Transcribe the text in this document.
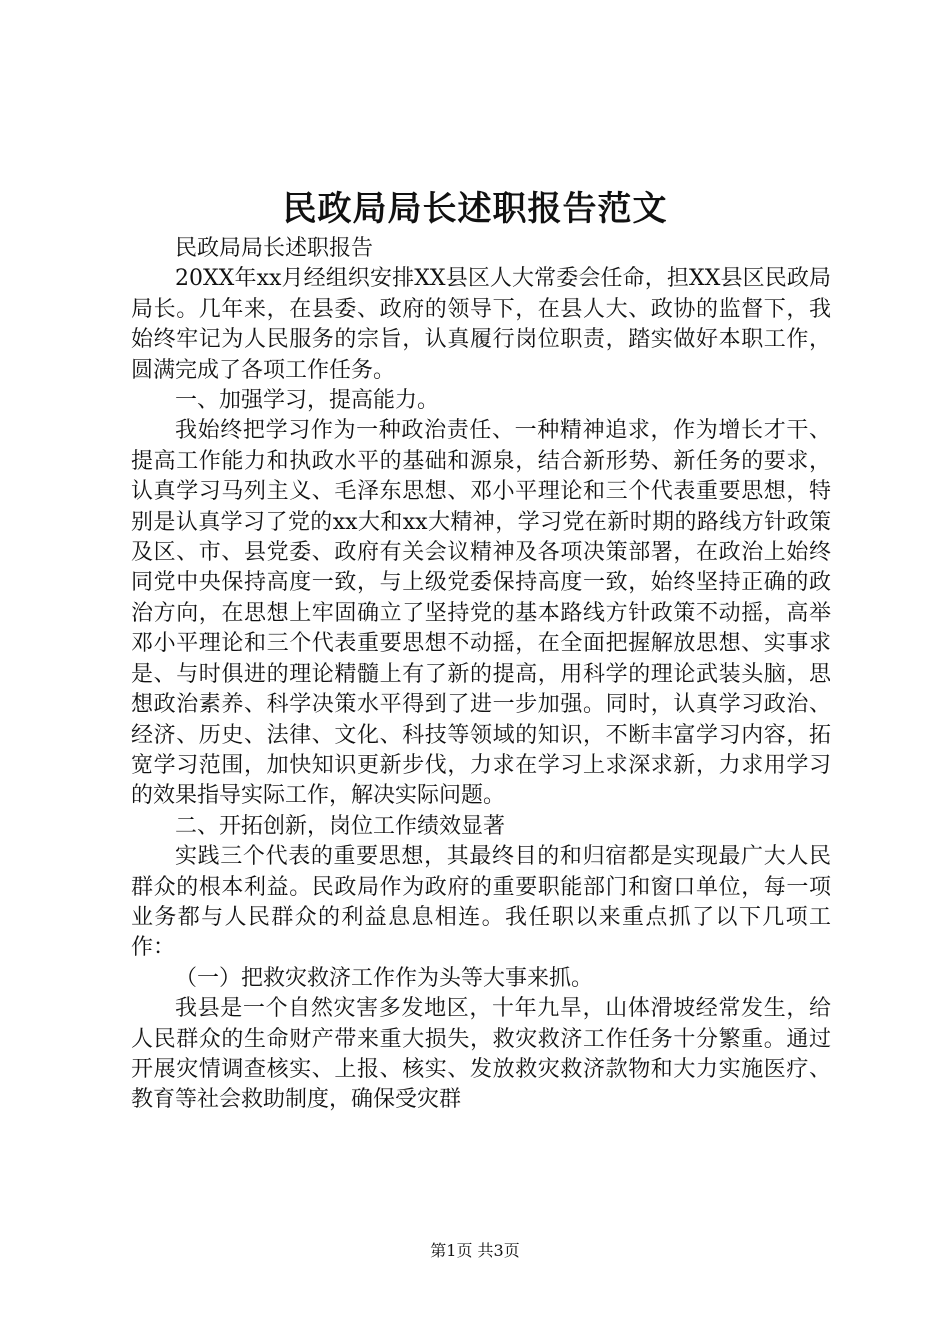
民政局局长述职报告范文

民政局局长述职报告

20XX年xx月经组织安排XX县区人大常委会任命，担XX县区民政局局长。几年来，在县委、政府的领导下，在县人大、政协的监督下，我始终牢记为人民服务的宗旨，认真履行岗位职责，踏实做好本职工作，圆满完成了各项工作任务。

一、加强学习，提高能力。

我始终把学习作为一种政治责任、一种精神追求，作为增长才干、提高工作能力和执政水平的基础和源泉，结合新形势、新任务的要求，认真学习马列主义、毛泽东思想、邓小平理论和三个代表重要思想，特别是认真学习了党的xx大和xx大精神，学习党在新时期的路线方针政策及区、市、县党委、政府有关会议精神及各项决策部署，在政治上始终同党中央保持高度一致，与上级党委保持高度一致，始终坚持正确的政治方向，在思想上牢固确立了坚持党的基本路线方针政策不动摇，高举邓小平理论和三个代表重要思想不动摇，在全面把握解放思想、实事求是、与时俱进的理论精髓上有了新的提高，用科学的理论武装头脑，思想政治素养、科学决策水平得到了进一步加强。同时，认真学习政治、经济、历史、法律、文化、科技等领域的知识，不断丰富学习内容，拓宽学习范围，加快知识更新步伐，力求在学习上求深求新，力求用学习的效果指导实际工作，解决实际问题。

二、开拓创新，岗位工作绩效显著

实践三个代表的重要思想，其最终目的和归宿都是实现最广大人民群众的根本利益。民政局作为政府的重要职能部门和窗口单位，每一项业务都与人民群众的利益息息相连。我任职以来重点抓了以下几项工作：

（一）把救灾救济工作作为头等大事来抓。

我县是一个自然灾害多发地区，十年九旱，山体滑坡经常发生，给人民群众的生命财产带来重大损失，救灾救济工作任务十分繁重。通过开展灾情调查核实、上报、核实、发放救灾救济款物和大力实施医疗、教育等社会救助制度，确保受灾群

第1页 共3页
